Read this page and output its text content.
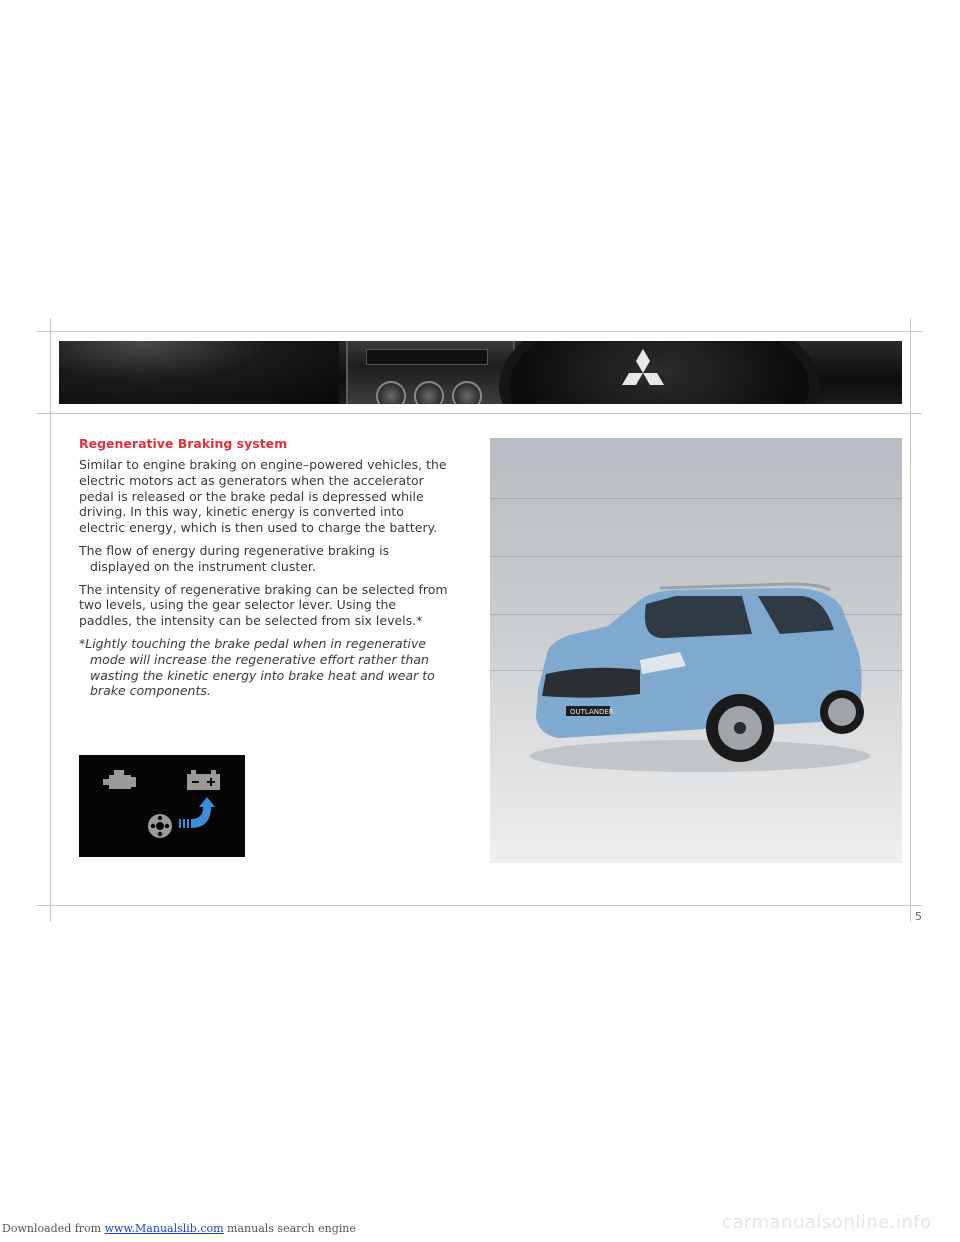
Regenerative Braking system

Similar to engine braking on engine–powered vehicles, the electric motors act as generators when the accelerator pedal is released or the brake pedal is depressed while driving. In this way, kinetic energy is converted into electric energy, which is then used to charge the battery.

The flow of energy during regenerative braking is displayed on the instrument cluster.

The intensity of regenerative braking can be selected from two levels, using the gear selector lever. Using the paddles, the intensity can be selected from six levels.*

*Lightly touching the brake pedal when in regenerative mode will increase the regenerative effort rather than wasting the kinetic energy into brake heat and wear to brake components.

OUTLANDER
5
carmanualsonline.info
Downloaded from www.Manualslib.com manuals search engine
